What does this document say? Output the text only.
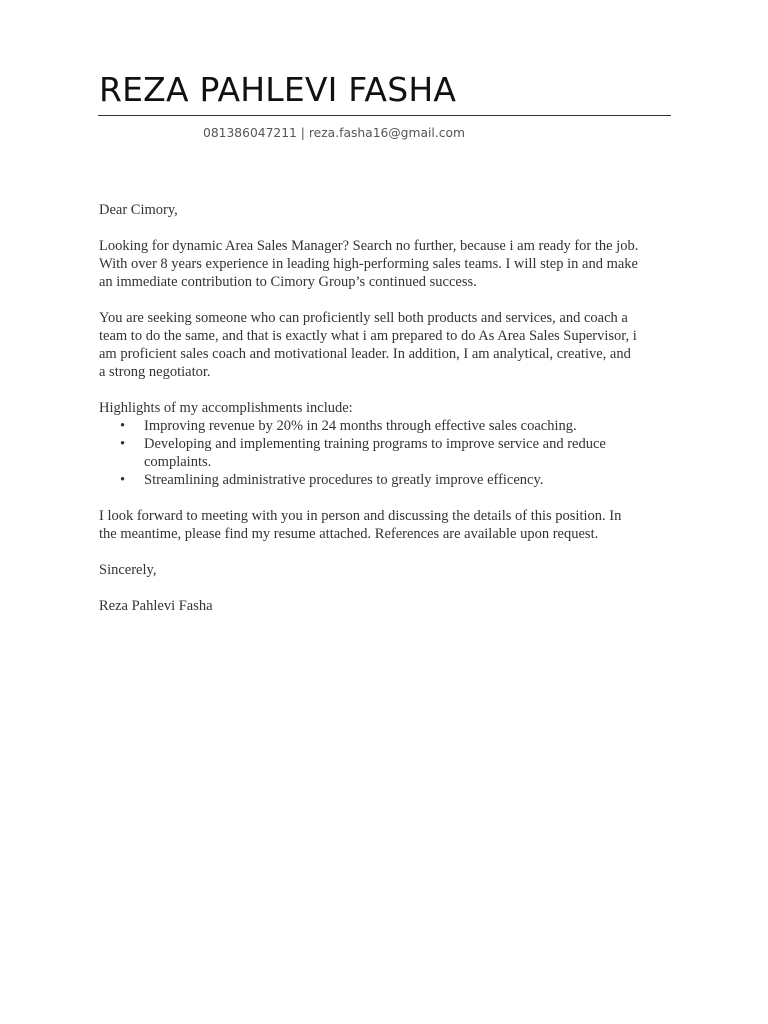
REZA PAHLEVI FASHA
081386047211 | reza.fasha16@gmail.com

Dear Cimory,

Looking for dynamic Area Sales Manager? Search no further, because i am ready for the job. With over 8 years experience in leading high-performing sales teams. I will step in and make an immediate contribution to Cimory Group’s continued success.

You are seeking someone who can proficiently sell both products and services, and coach a team to do the same, and that is exactly what i am prepared to do As Area Sales Supervisor, i am proficient sales coach and motivational leader. In addition, I am analytical, creative, and a strong negotiator.

Highlights of my accomplishments include:

• Improving revenue by 20% in 24 months through effective sales coaching.
• Developing and implementing training programs to improve service and reduce complaints.
• Streamlining administrative procedures to greatly improve efficency.

I look forward to meeting with you in person and discussing the details of this position. In the meantime, please find my resume attached. References are available upon request.

Sincerely,

Reza Pahlevi Fasha
